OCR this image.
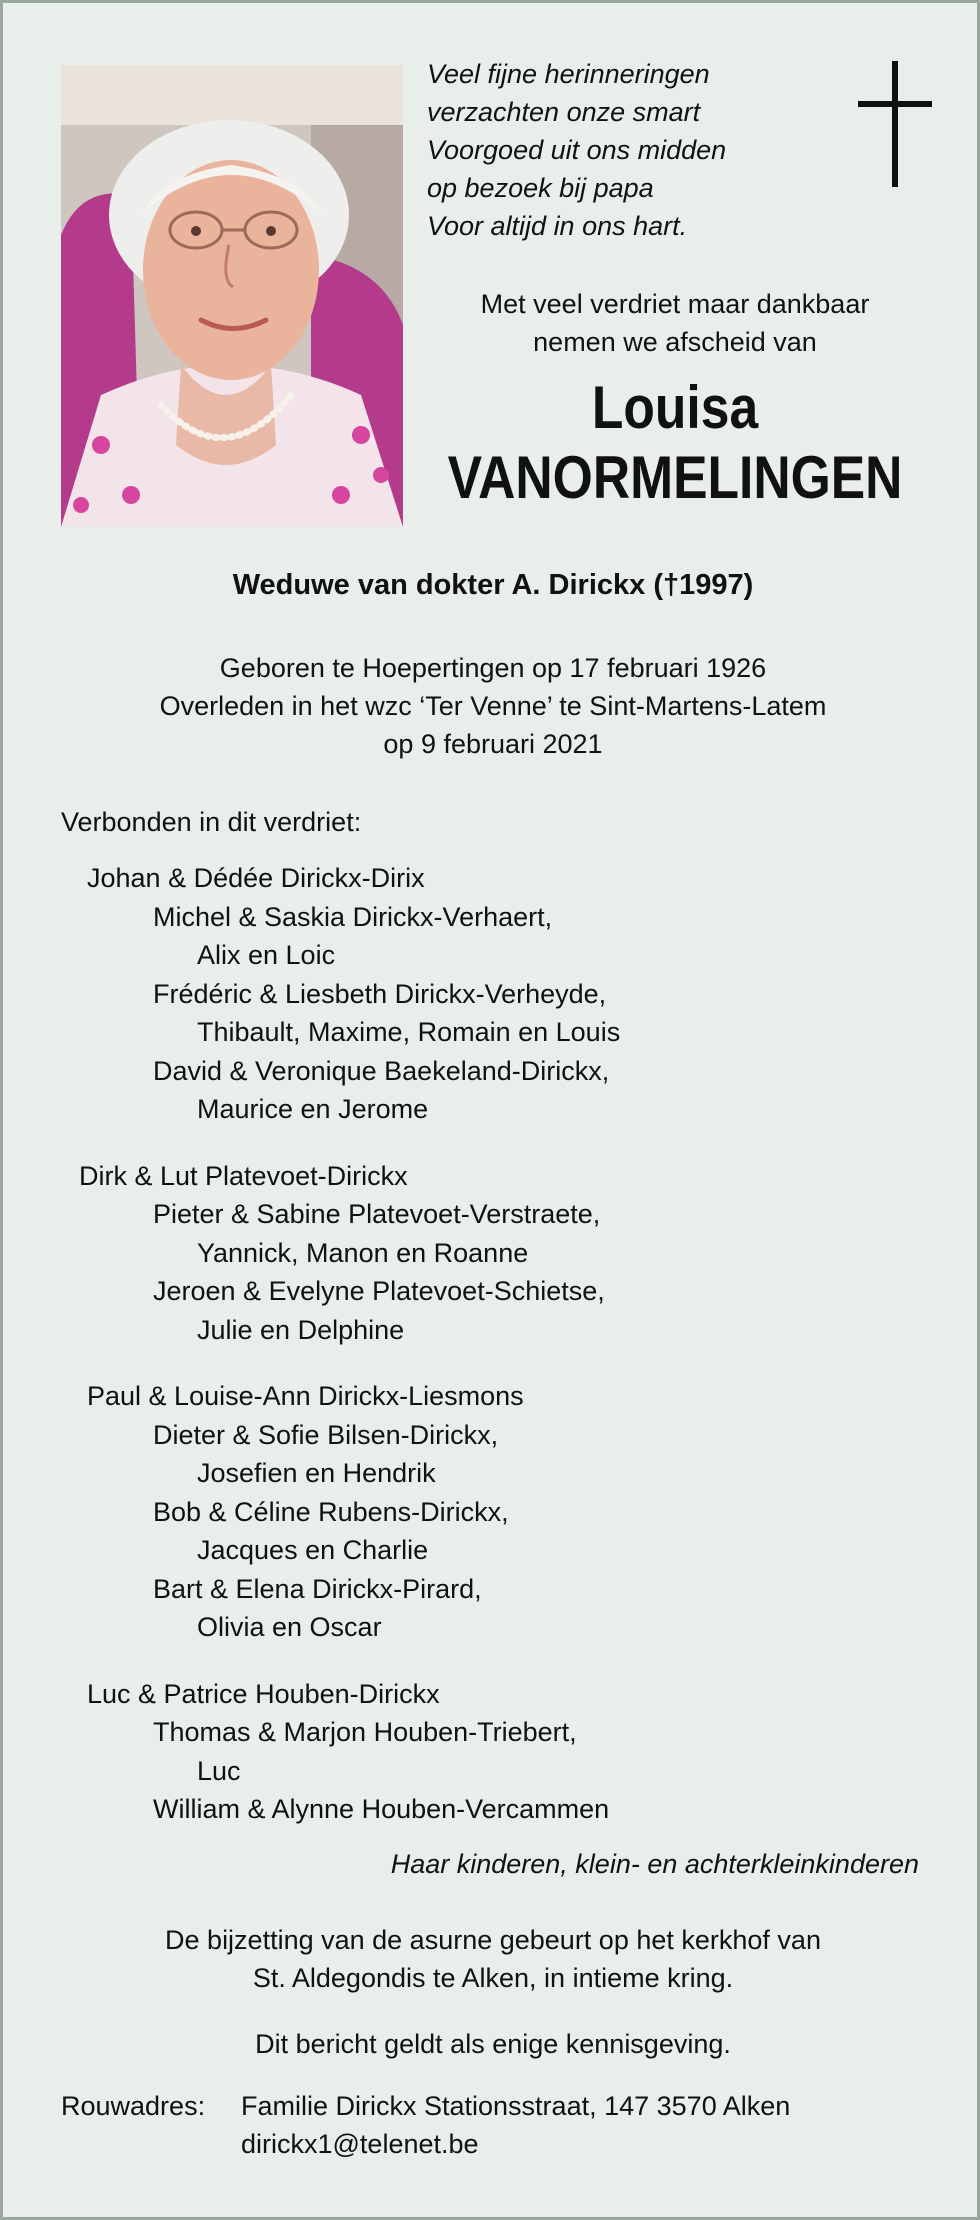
Veel fijne herinneringen
verzachten onze smart
Voorgoed uit ons midden
op bezoek bij papa
Voor altijd in ons hart.
Met veel verdriet maar dankbaar
nemen we afscheid van
Louisa
VANORMELINGEN
Weduwe van dokter A. Dirickx (†1997)
Geboren te Hoepertingen op 17 februari 1926
Overleden in het wzc ‘Ter Venne’ te Sint-Martens-Latem
op 9 februari 2021
Verbonden in dit verdriet:
Johan & Dédée Dirickx-Dirix
Michel & Saskia Dirickx-Verhaert,
Alix en Loic
Frédéric & Liesbeth Dirickx-Verheyde,
Thibault, Maxime, Romain en Louis
David & Veronique Baekeland-Dirickx,
Maurice en Jerome
Dirk & Lut Platevoet-Dirickx
Pieter & Sabine Platevoet-Verstraete,
Yannick, Manon en Roanne
Jeroen & Evelyne Platevoet-Schietse,
Julie en Delphine
Paul & Louise-Ann Dirickx-Liesmons
Dieter & Sofie Bilsen-Dirickx,
Josefien en Hendrik
Bob & Céline Rubens-Dirickx,
Jacques en Charlie
Bart & Elena Dirickx-Pirard,
Olivia en Oscar
Luc & Patrice Houben-Dirickx
Thomas & Marjon Houben-Triebert,
Luc
William & Alynne Houben-Vercammen
Haar kinderen, klein- en achterkleinkinderen
De bijzetting van de asurne gebeurt op het kerkhof van
St. Aldegondis te Alken, in intieme kring.
Dit bericht geldt als enige kennisgeving.
Rouwadres: Familie Dirickx Stationsstraat, 147 3570 Alken
dirickx1@telenet.be
